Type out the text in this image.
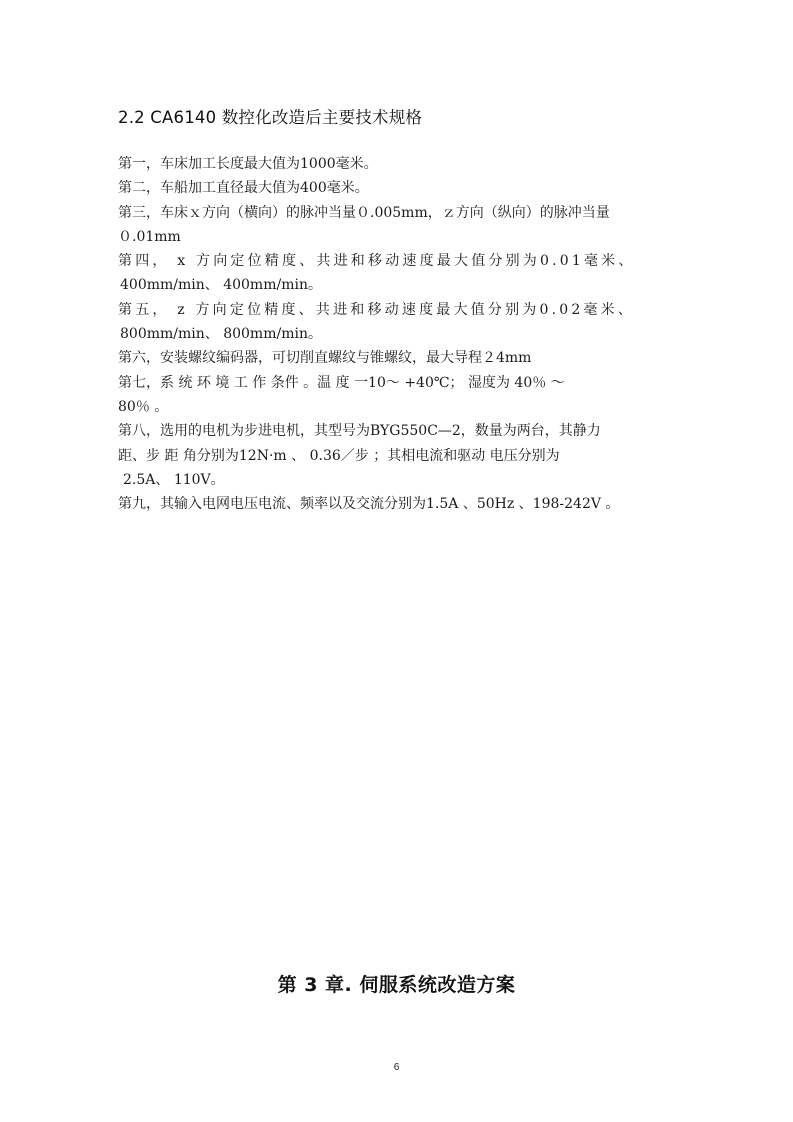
2.2 CA6140 数控化改造后主要技术规格
第一，车床加工长度最大值为1000毫米。
第二，车船加工直径最大值为400毫米。
第三，车床ｘ方向（横向）的脉冲当量０.005mm，ｚ方向（纵向）的脉冲当量
０.01mm
第四， x 方向定位精度、共进和移动速度最大值分别为0.01毫米、
400mm/min、 400mm/min。
第五， z 方向定位精度、共进和移动速度最大值分别为0.02毫米、
800mm/min、 800mm/min。
第六，安装螺纹编码器，可切削直螺纹与锥螺纹，最大导程２4mm
第七，系 统 环 境 工 作 条件 。温 度 一10～ +40℃； 湿度为 40％ ～
80％ 。
第八，选用的电机为步进电机，其型号为BYG550C—2，数量为两台，其静力
距、步 距 角分别为12N·m 、 0.36／步 ；其相电流和驱动 电压分别为
2.5A、 110V。
第九，其输入电网电压电流、频率以及交流分别为1.5A 、50Hz 、198-242V 。
第 3 章. 伺服系统改造方案
6
